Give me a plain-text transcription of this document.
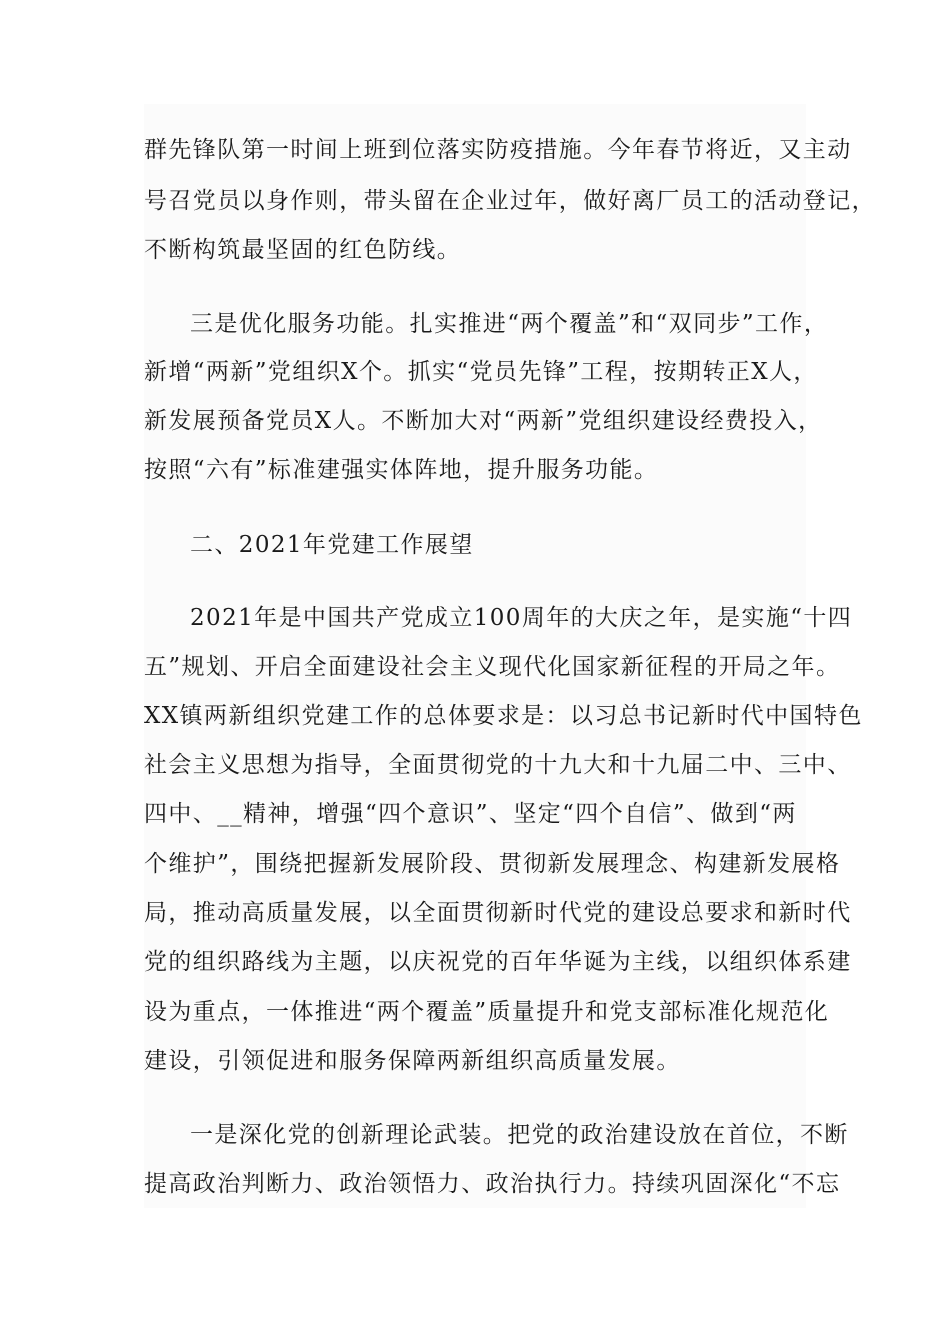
群先锋队第一时间上班到位落实防疫措施。今年春节将近，又主动
号召党员以身作则，带头留在企业过年，做好离厂员工的活动登记，
不断构筑最坚固的红色防线。
三是优化服务功能。扎实推进“两个覆盖”和“双同步”工作，
新增“两新”党组织X个。抓实“党员先锋”工程，按期转正X人，
新发展预备党员X人。不断加大对“两新”党组织建设经费投入，
按照“六有”标准建强实体阵地，提升服务功能。
二、2021年党建工作展望
2021年是中国共产党成立100周年的大庆之年，是实施“十四
五”规划、开启全面建设社会主义现代化国家新征程的开局之年。
XX镇两新组织党建工作的总体要求是：以习总书记新时代中国特色
社会主义思想为指导，全面贯彻党的十九大和十九届二中、三中、
四中、__精神，增强“四个意识”、坚定“四个自信”、做到“两
个维护”，围绕把握新发展阶段、贯彻新发展理念、构建新发展格
局，推动高质量发展，以全面贯彻新时代党的建设总要求和新时代
党的组织路线为主题，以庆祝党的百年华诞为主线，以组织体系建
设为重点，一体推进“两个覆盖”质量提升和党支部标准化规范化
建设，引领促进和服务保障两新组织高质量发展。
一是深化党的创新理论武装。把党的政治建设放在首位，不断
提高政治判断力、政治领悟力、政治执行力。持续巩固深化“不忘
